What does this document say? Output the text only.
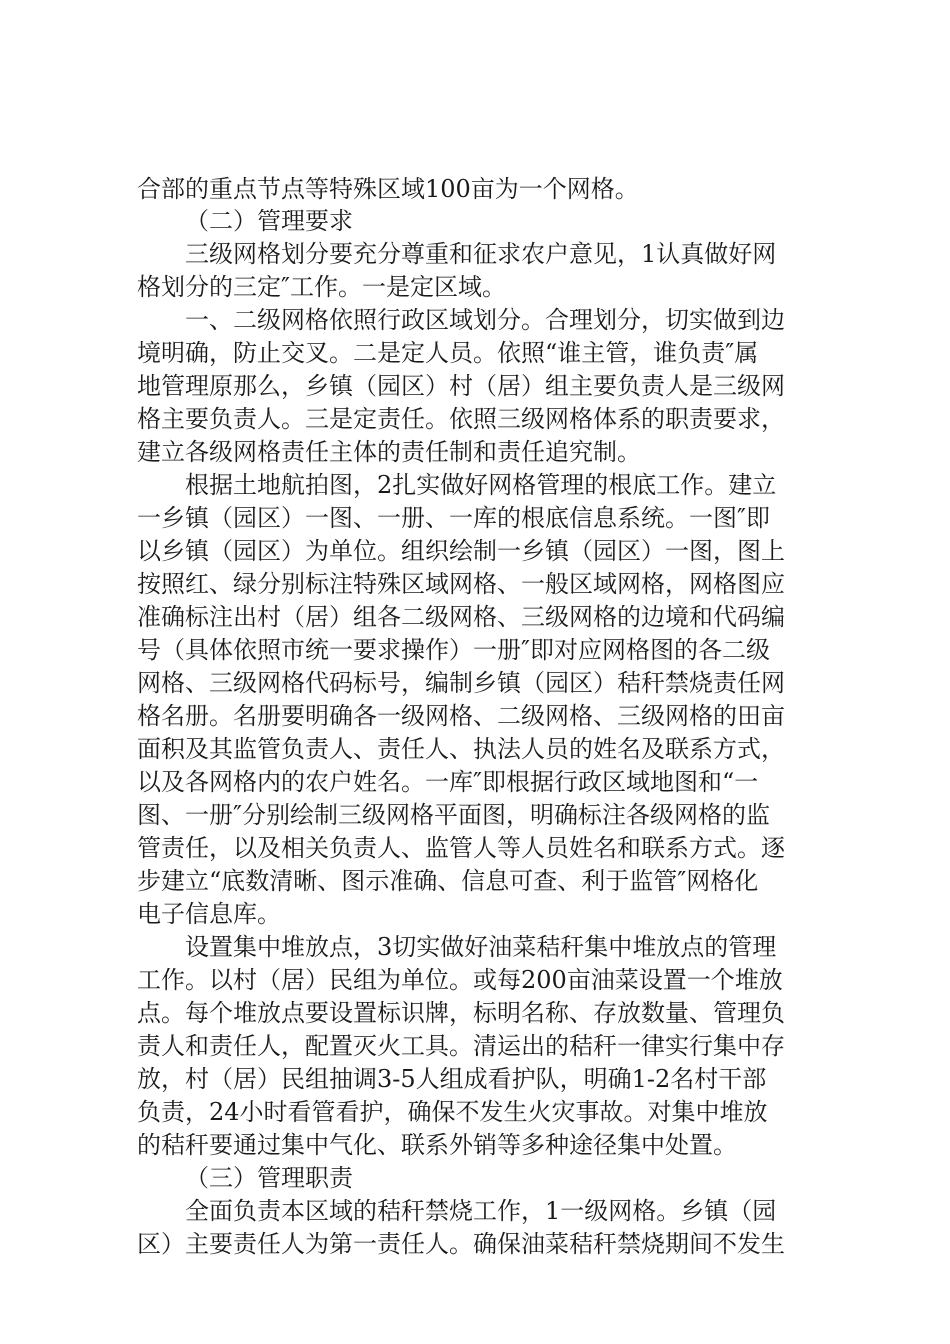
合部的重点节点等特殊区域100亩为一个网格。
（二）管理要求
三级网格划分要充分尊重和征求农户意见，1认真做好网
格划分的三定″工作。一是定区域。
一、二级网格依照行政区域划分。合理划分，切实做到边
境明确，防止交叉。二是定人员。依照“谁主管，谁负责″属
地管理原那么，乡镇（园区）村（居）组主要负责人是三级网
格主要负责人。三是定责任。依照三级网格体系的职责要求，
建立各级网格责任主体的责任制和责任追究制。
根据土地航拍图，2扎实做好网格管理的根底工作。建立
一乡镇（园区）一图、一册、一库的根底信息系统。一图″即
以乡镇（园区）为单位。组织绘制一乡镇（园区）一图，图上
按照红、绿分别标注特殊区域网格、一般区域网格，网格图应
准确标注出村（居）组各二级网格、三级网格的边境和代码编
号（具体依照市统一要求操作）一册″即对应网格图的各二级
网格、三级网格代码标号，编制乡镇（园区）秸秆禁烧责任网
格名册。名册要明确各一级网格、二级网格、三级网格的田亩
面积及其监管负责人、责任人、执法人员的姓名及联系方式，
以及各网格内的农户姓名。一库″即根据行政区域地图和“一
图、一册″分别绘制三级网格平面图，明确标注各级网格的监
管责任，以及相关负责人、监管人等人员姓名和联系方式。逐
步建立“底数清晰、图示准确、信息可查、利于监管″网格化
电子信息库。
设置集中堆放点，3切实做好油菜秸秆集中堆放点的管理
工作。以村（居）民组为单位。或每200亩油菜设置一个堆放
点。每个堆放点要设置标识牌，标明名称、存放数量、管理负
责人和责任人，配置灭火工具。清运出的秸秆一律实行集中存
放，村（居）民组抽调3-5人组成看护队，明确1-2名村干部
负责，24小时看管看护，确保不发生火灾事故。对集中堆放
的秸秆要通过集中气化、联系外销等多种途径集中处置。
（三）管理职责
全面负责本区域的秸秆禁烧工作，1一级网格。乡镇（园
区）主要责任人为第一责任人。确保油菜秸秆禁烧期间不发生
